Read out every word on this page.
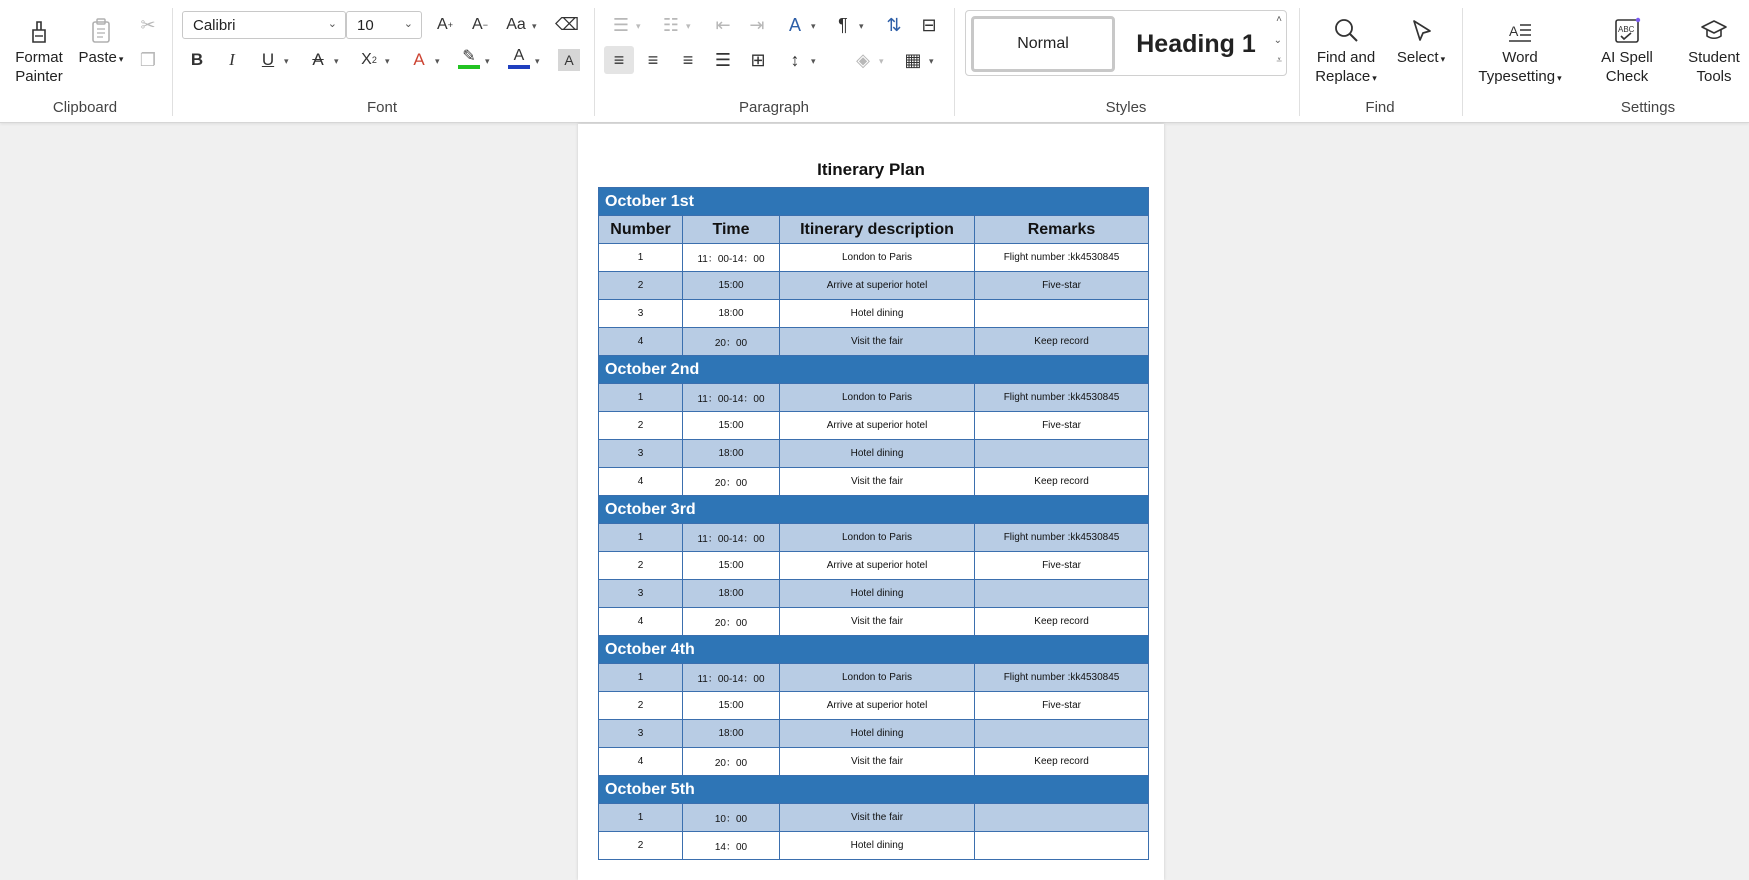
Format Painter
Paste ▾
✂
❐
Clipboard
Calibri	⌄ 10	⌄ A + A − Aa ▾ ⌫
B	I	U	▾	A	▾ X 2 ▾	A	▾ ✎	▾	A	▾	A
Font
☰ ▾ ☷ ▾ ⇤ ⇥ A	▾	¶	▾ ⇅ ⊟
≡	≡	≡	☰ ⊞	↕	▾ ◈	▾ ▦ ▾
Paragraph
Normal	Heading 1
˄
⌄
⩡
Styles
Find and
Replace ▾
Select ▾
Find
A
Word
Typesetting ▾
ABC
AI Spell Check
Student
Tools
Settings
Itinerary Plan
October 1st			
Number	Time	Itinerary description	Remarks
1	11：00-14：00	London to Paris	Flight number :kk4530845
2	15:00	Arrive at superior hotel	Five-star
3	18:00	Hotel dining	
4	20：00	Visit the fair	Keep record
October 2nd			
1	11：00-14：00	London to Paris	Flight number :kk4530845
2	15:00	Arrive at superior hotel	Five-star
3	18:00	Hotel dining	
4	20：00	Visit the fair	Keep record
October 3rd			
1	11：00-14：00	London to Paris	Flight number :kk4530845
2	15:00	Arrive at superior hotel	Five-star
3	18:00	Hotel dining	
4	20：00	Visit the fair	Keep record
October 4th			
1	11：00-14：00	London to Paris	Flight number :kk4530845
2	15:00	Arrive at superior hotel	Five-star
3	18:00	Hotel dining	
4	20：00	Visit the fair	Keep record
October 5th			
1	10：00	Visit the fair	
2	14：00	Hotel dining	
